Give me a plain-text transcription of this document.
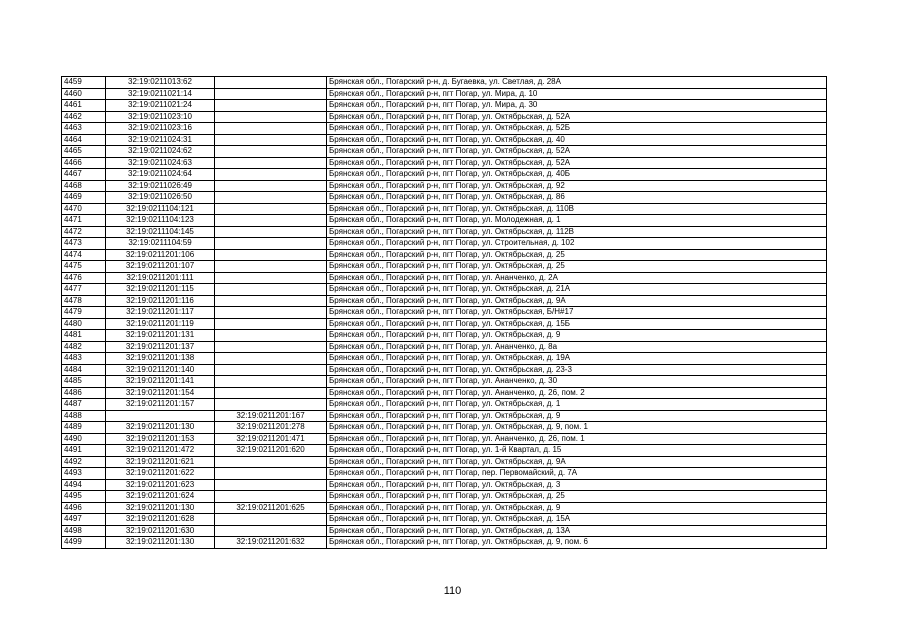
4459	32:19:0211013:62		Брянская обл., Погарский р-н, д. Бугаевка, ул. Светлая, д. 28А
4460	32:19:0211021:14		Брянская обл., Погарский р-н, пгт Погар, ул. Мира, д. 10
4461	32:19:0211021:24		Брянская обл., Погарский р-н, пгт Погар, ул. Мира, д. 30
4462	32:19:0211023:10		Брянская обл., Погарский р-н, пгт Погар, ул. Октябрьская, д. 52А
4463	32:19:0211023:16		Брянская обл., Погарский р-н, пгт Погар, ул. Октябрьская, д. 52Б
4464	32:19:0211024:31		Брянская обл., Погарский р-н, пгт Погар, ул. Октябрьская, д. 40
4465	32:19:0211024:62		Брянская обл., Погарский р-н, пгт Погар, ул. Октябрьская, д. 52А
4466	32:19:0211024:63		Брянская обл., Погарский р-н, пгт Погар, ул. Октябрьская, д. 52А
4467	32:19:0211024:64		Брянская обл., Погарский р-н, пгт Погар, ул. Октябрьская, д. 40Б
4468	32:19:0211026:49		Брянская обл., Погарский р-н, пгт Погар, ул. Октябрьская, д. 92
4469	32:19:0211026:50		Брянская обл., Погарский р-н, пгт Погар, ул. Октябрьская, д. 86
4470	32:19:0211104:121		Брянская обл., Погарский р-н, пгт Погар, ул. Октябрьская, д. 110В
4471	32:19:0211104:123		Брянская обл., Погарский р-н, пгт Погар, ул. Молодежная, д. 1
4472	32:19:0211104:145		Брянская обл., Погарский р-н, пгт Погар, ул. Октябрьская, д. 112В
4473	32:19:0211104:59		Брянская обл., Погарский р-н, пгт Погар, ул. Строительная, д. 102
4474	32:19:0211201:106		Брянская обл., Погарский р-н, пгт Погар, ул. Октябрьская, д. 25
4475	32:19:0211201:107		Брянская обл., Погарский р-н, пгт Погар, ул. Октябрьская, д. 25
4476	32:19:0211201:111		Брянская обл., Погарский р-н, пгт Погар, ул. Ананченко, д. 2А
4477	32:19:0211201:115		Брянская обл., Погарский р-н, пгт Погар, ул. Октябрьская, д. 21А
4478	32:19:0211201:116		Брянская обл., Погарский р-н, пгт Погар, ул. Октябрьская, д. 9А
4479	32:19:0211201:117		Брянская обл., Погарский р-н, пгт Погар, ул. Октябрьская, Б/Н#17
4480	32:19:0211201:119		Брянская обл., Погарский р-н, пгт Погар, ул. Октябрьская, д. 15Б
4481	32:19:0211201:131		Брянская обл., Погарский р-н, пгт Погар, ул. Октябрьская, д. 9
4482	32:19:0211201:137		Брянская обл., Погарский р-н, пгт Погар, ул. Ананченко, д. 8а
4483	32:19:0211201:138		Брянская обл., Погарский р-н, пгт Погар, ул. Октябрьская, д. 19А
4484	32:19:0211201:140		Брянская обл., Погарский р-н, пгт Погар, ул. Октябрьская, д. 23-3
4485	32:19:0211201:141		Брянская обл., Погарский р-н, пгт Погар, ул. Ананченко, д. 30
4486	32:19:0211201:154		Брянская обл., Погарский р-н, пгт Погар, ул. Ананченко, д. 26, пом. 2
4487	32:19:0211201:157		Брянская обл., Погарский р-н, пгт Погар, ул. Октябрьская, д. 1
4488		32:19:0211201:167	Брянская обл., Погарский р-н, пгт Погар, ул. Октябрьская, д. 9
4489	32:19:0211201:130	32:19:0211201:278	Брянская обл., Погарский р-н, пгт Погар, ул. Октябрьская, д. 9, пом. 1
4490	32:19:0211201:153	32:19:0211201:471	Брянская обл., Погарский р-н, пгт Погар, ул. Ананченко, д. 26, пом. 1
4491	32:19:0211201:472	32:19:0211201:620	Брянская обл., Погарский р-н, пгт Погар, ул. 1-й Квартал, д. 15
4492	32:19:0211201:621		Брянская обл., Погарский р-н, пгт Погар, ул. Октябрьская, д. 9А
4493	32:19:0211201:622		Брянская обл., Погарский р-н, пгт Погар, пер. Первомайский, д. 7А
4494	32:19:0211201:623		Брянская обл., Погарский р-н, пгт Погар, ул. Октябрьская, д. 3
4495	32:19:0211201:624		Брянская обл., Погарский р-н, пгт Погар, ул. Октябрьская, д. 25
4496	32:19:0211201:130	32:19:0211201:625	Брянская обл., Погарский р-н, пгт Погар, ул. Октябрьская, д. 9
4497	32:19:0211201:628		Брянская обл., Погарский р-н, пгт Погар, ул. Октябрьская, д. 15А
4498	32:19:0211201:630		Брянская обл., Погарский р-н, пгт Погар, ул. Октябрьская, д. 13А
4499	32:19:0211201:130	32:19:0211201:632	Брянская обл., Погарский р-н, пгт Погар, ул. Октябрьская, д. 9, пом. 6
110
